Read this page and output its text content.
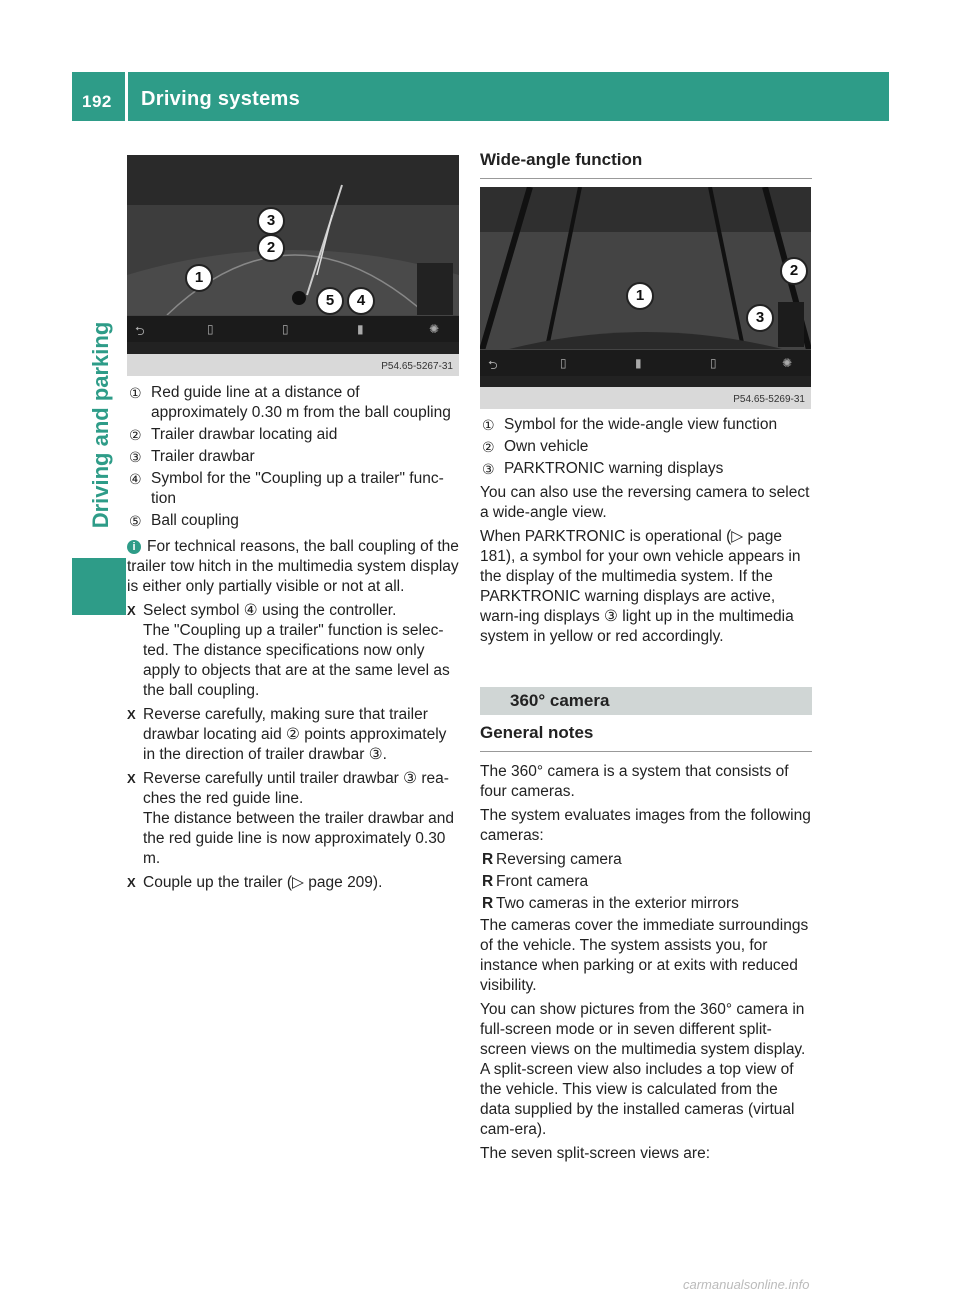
192 Driving systems
Driving and parking ⮌	▯	▯	▮	✺
P54.65-5267-31
1
2
3
4
5
① Red guide line at a distance of approximately 0.30 m from the ball coupling
② Trailer drawbar locating aid
③ Trailer drawbar
④ Symbol for the "Coupling up a trailer" func-tion
⑤ Ball coupling
i For technical reasons, the ball coupling of the trailer tow hitch in the multimedia system display is either only partially visible or not at all.
X Select symbol ④ using the controller.
The "Coupling up a trailer" function is selec-ted. The distance specifications now only apply to objects that are at the same level as the ball coupling.
X Reverse carefully, making sure that trailer drawbar locating aid ② points approximately in the direction of trailer drawbar ③.
X Reverse carefully until trailer drawbar ③ rea-ches the red guide line.
The distance between the trailer drawbar and the red guide line is now approximately 0.30 m.
X Couple up the trailer (▷ page 209).
Wide-angle function
⮌	▯	▮	▯	✺
P54.65-5269-31
1
2
3
① Symbol for the wide-angle view function
② Own vehicle
③ PARKTRONIC warning displays

You can also use the reversing camera to select a wide-angle view.

When PARKTRONIC is operational (▷ page 181), a symbol for your own vehicle appears in the display of the multimedia system. If the PARKTRONIC warning displays are active, warn-ing displays ③ light up in the multimedia system in yellow or red accordingly.

360° camera
General notes

The 360° camera is a system that consists of four cameras.

The system evaluates images from the following cameras:

R Reversing camera
R Front camera
R Two cameras in the exterior mirrors

The cameras cover the immediate surroundings of the vehicle. The system assists you, for instance when parking or at exits with reduced visibility.

You can show pictures from the 360° camera in full-screen mode or in seven different split-screen views on the multimedia system display. A split-screen view also includes a top view of the vehicle. This view is calculated from the data supplied by the installed cameras (virtual cam-era).

The seven split-screen views are:

carmanualsonline.info
